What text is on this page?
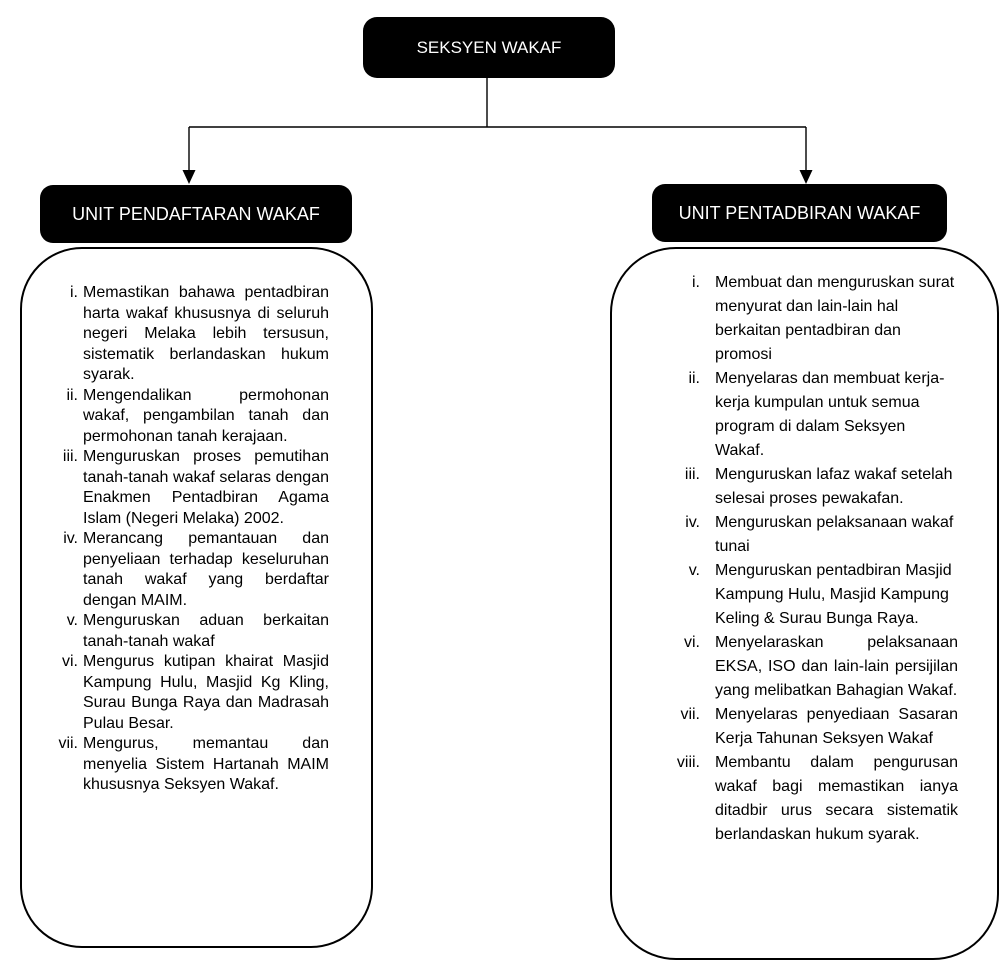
SEKSYEN WAKAF
UNIT PENDAFTARAN WAKAF	UNIT PENTADBIRAN WAKAF
i. Memastikan bahawa pentadbiran harta wakaf khususnya di seluruh negeri Melaka lebih tersusun, sistematik berlandaskan hukum syarak.
ii. Mengendalikan permohonan wakaf, pengambilan tanah dan permohonan tanah kerajaan.
iii. Menguruskan proses pemutihan tanah-tanah wakaf selaras dengan Enakmen Pentadbiran Agama Islam (Negeri Melaka) 2002.
iv. Merancang pemantauan dan penyeliaan terhadap keseluruhan tanah wakaf yang berdaftar dengan MAIM.
v. Menguruskan aduan berkaitan tanah-tanah wakaf
vi. Mengurus kutipan khairat Masjid Kampung Hulu, Masjid Kg Kling, Surau Bunga Raya dan Madrasah Pulau Besar.
vii. Mengurus, memantau dan menyelia Sistem Hartanah MAIM khususnya Seksyen Wakaf.
i. Membuat dan menguruskan surat menyurat dan lain-lain hal berkaitan pentadbiran dan promosi
ii. Menyelaras dan membuat kerja-kerja kumpulan untuk semua program di dalam Seksyen Wakaf.
iii. Menguruskan lafaz wakaf setelah selesai proses pewakafan.
iv. Menguruskan pelaksanaan wakaf tunai
v. Menguruskan pentadbiran Masjid Kampung Hulu, Masjid Kampung Keling & Surau Bunga Raya.
vi. Menyelaraskan pelaksanaan EKSA, ISO dan lain-lain persijilan yang melibatkan Bahagian Wakaf.
vii. Menyelaras penyediaan Sasaran Kerja Tahunan Seksyen Wakaf
viii. Membantu dalam pengurusan wakaf bagi memastikan ianya ditadbir urus secara sistematik berlandaskan hukum syarak.
